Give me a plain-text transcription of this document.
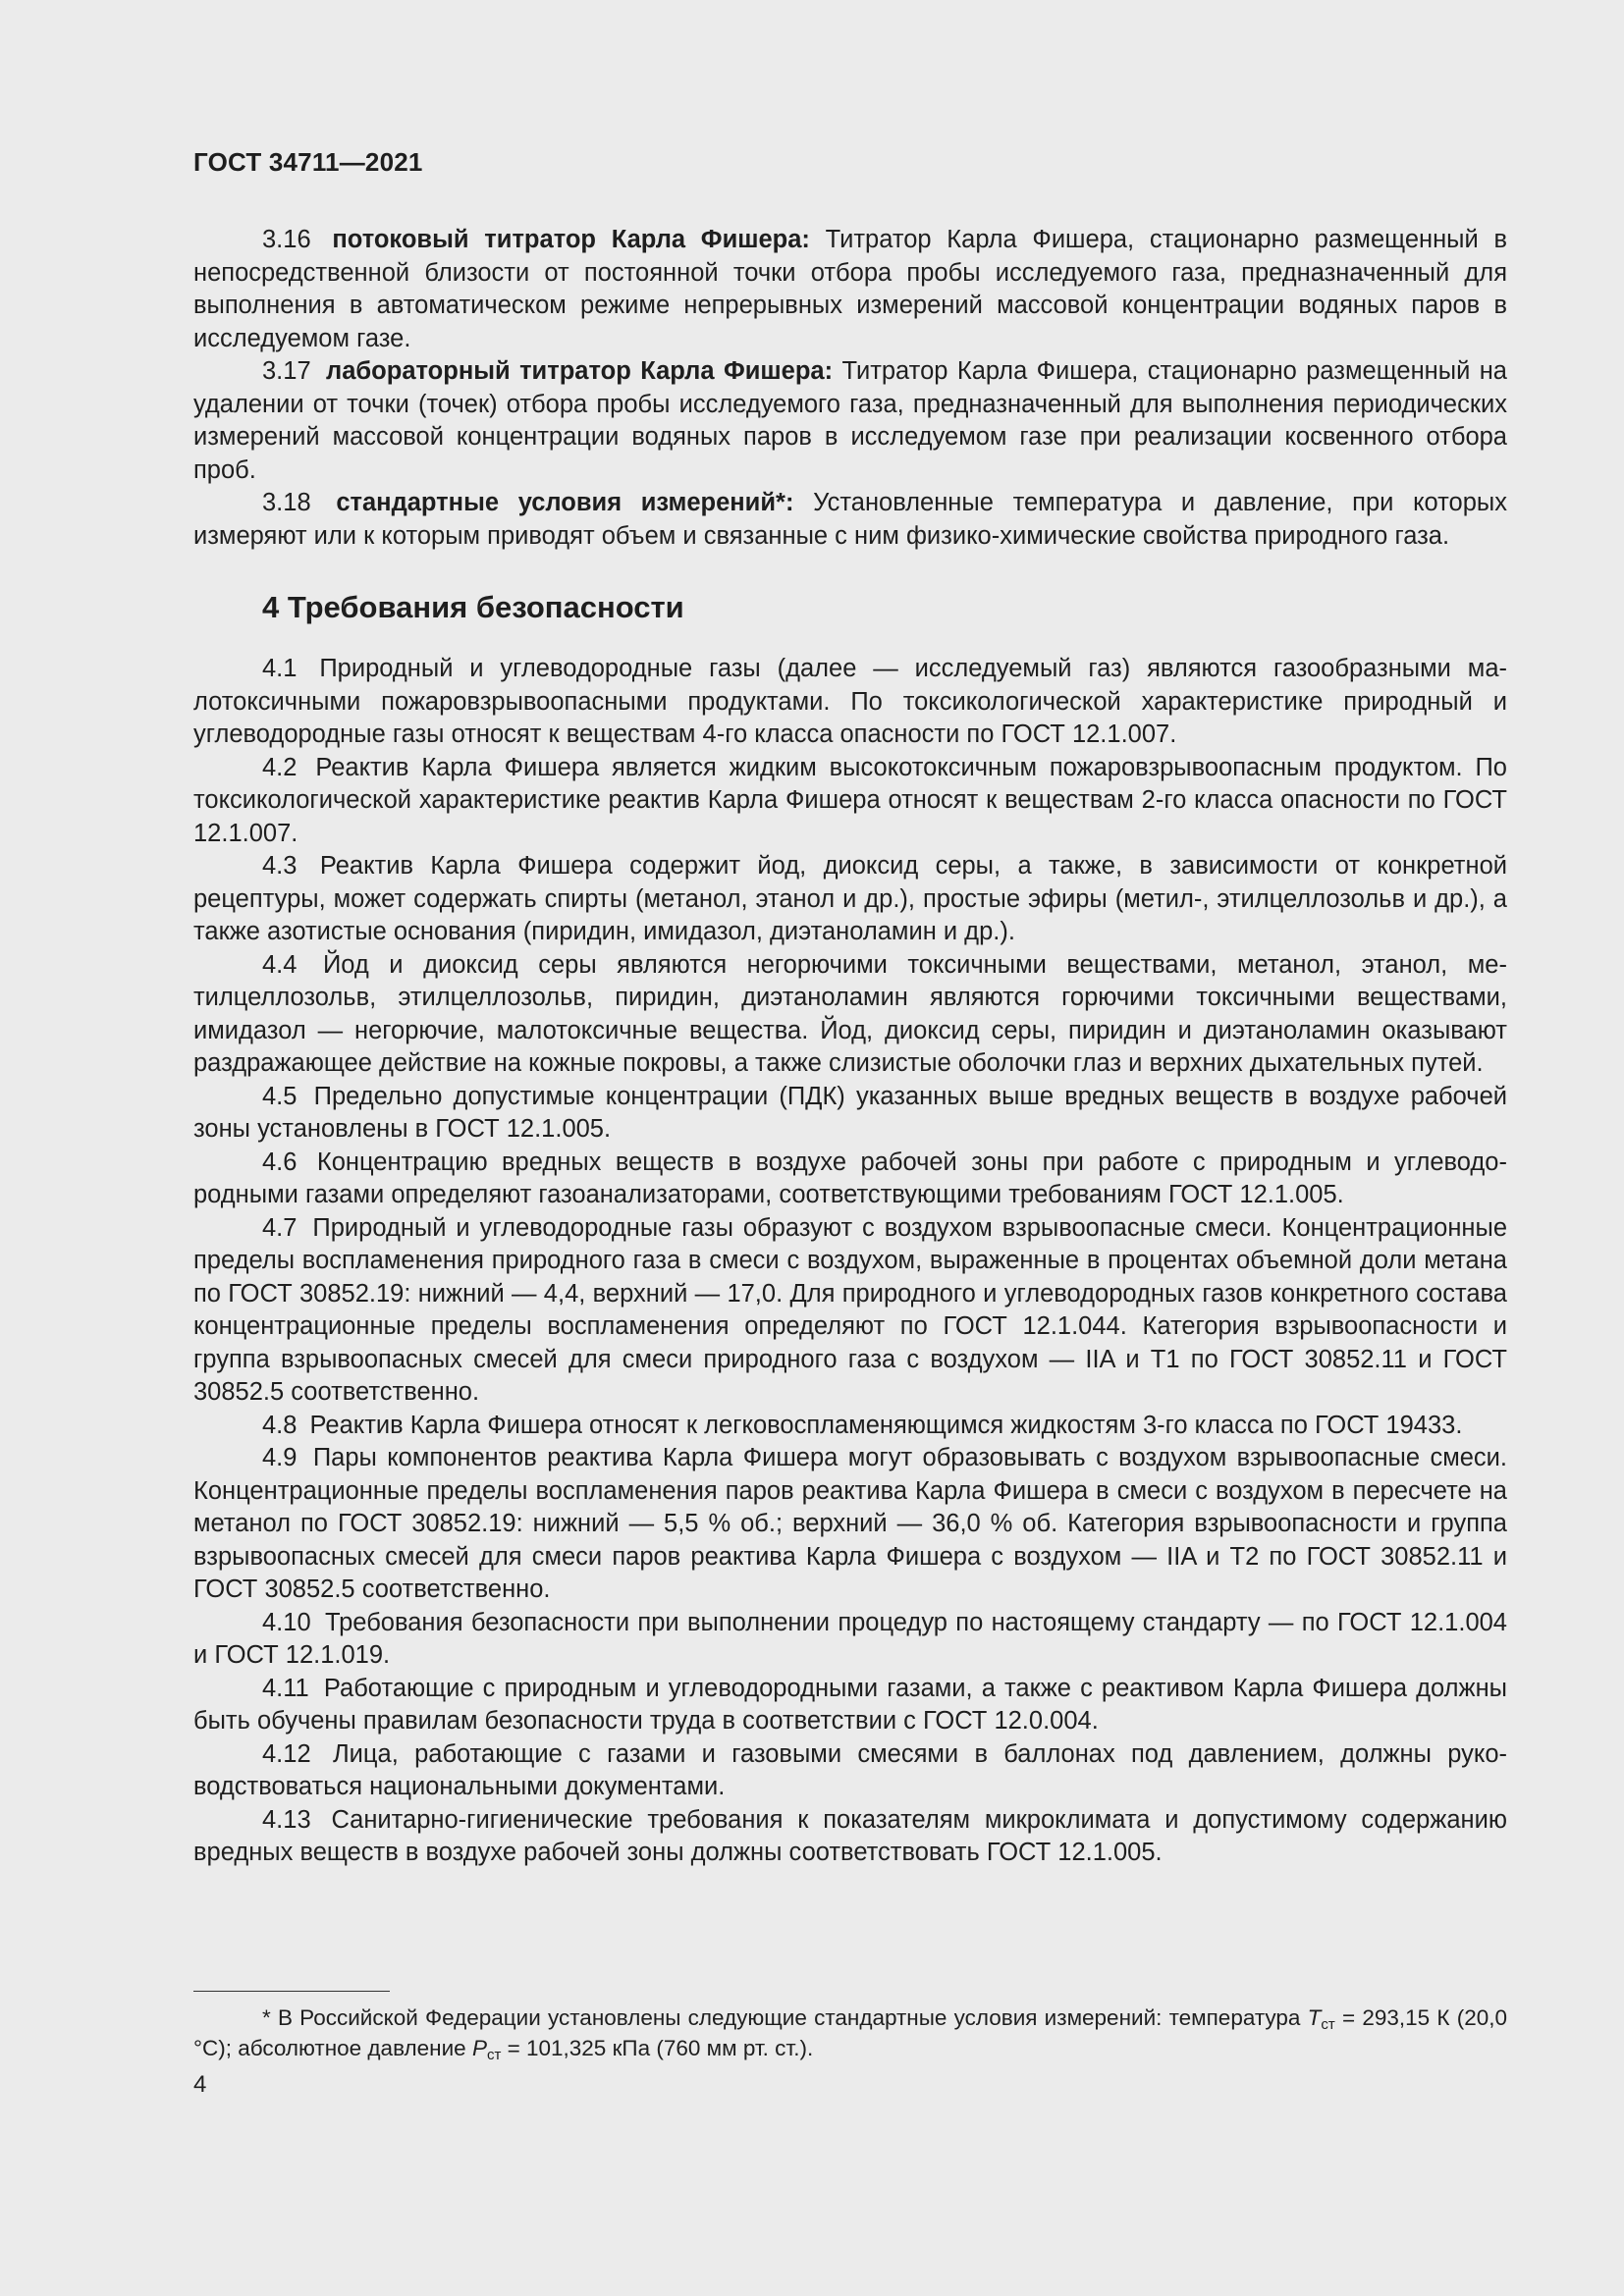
ГОСТ 34711—2021

3.16 потоковый титратор Карла Фишера: Титратор Карла Фишера, стационарно размещенный в непосредственной близости от постоянной точки отбора пробы исследуемого газа, предназначенный для выполнения в автоматическом режиме непрерывных измерений массовой концентрации водяных паров в исследуемом газе.

3.17 лабораторный титратор Карла Фишера: Титратор Карла Фишера, стационарно размещенный на удалении от точки (точек) отбора пробы исследуемого газа, предназначенный для выполнения периодических измерений массовой концентрации водяных паров в исследуемом газе при реализации косвенного отбора проб.

3.18 стандартные условия измерений*: Установленные температура и давление, при которых измеряют или к которым приводят объем и связанные с ним физико-химические свойства природного газа.

4 Требования безопасности

4.1 Природный и углеводородные газы (далее — исследуемый газ) являются газообразными малотоксичными пожаровзрывоопасными продуктами. По токсикологической характеристике природный и углеводородные газы относят к веществам 4-го класса опасности по ГОСТ 12.1.007.

4.2 Реактив Карла Фишера является жидким высокотоксичным пожаровзрывоопасным продуктом. По токсикологической характеристике реактив Карла Фишера относят к веществам 2-го класса опасности по ГОСТ 12.1.007.

4.3 Реактив Карла Фишера содержит йод, диоксид серы, а также, в зависимости от конкретной рецептуры, может содержать спирты (метанол, этанол и др.), простые эфиры (метил-, этилцеллозольв и др.), а также азотистые основания (пиридин, имидазол, диэтаноламин и др.).

4.4 Йод и диоксид серы являются негорючими токсичными веществами, метанол, этанол, метилцеллозольв, этилцеллозольв, пиридин, диэтаноламин являются горючими токсичными веществами, имидазол — негорючие, малотоксичные вещества. Йод, диоксид серы, пиридин и диэтаноламин оказывают раздражающее действие на кожные покровы, а также слизистые оболочки глаз и верхних дыхательных путей.

4.5 Предельно допустимые концентрации (ПДК) указанных выше вредных веществ в воздухе рабочей зоны установлены в ГОСТ 12.1.005.

4.6 Концентрацию вредных веществ в воздухе рабочей зоны при работе с природным и углеводородными газами определяют газоанализаторами, соответствующими требованиям ГОСТ 12.1.005.

4.7 Природный и углеводородные газы образуют с воздухом взрывоопасные смеси. Концентрационные пределы воспламенения природного газа в смеси с воздухом, выраженные в процентах объемной доли метана по ГОСТ 30852.19: нижний — 4,4, верхний — 17,0. Для природного и углеводородных газов конкретного состава концентрационные пределы воспламенения определяют по ГОСТ 12.1.044. Категория взрывоопасности и группа взрывоопасных смесей для смеси природного газа с воздухом — IIA и Т1 по ГОСТ 30852.11 и ГОСТ 30852.5 соответственно.

4.8 Реактив Карла Фишера относят к легковоспламеняющимся жидкостям 3-го класса по ГОСТ 19433.

4.9 Пары компонентов реактива Карла Фишера могут образовывать с воздухом взрывоопасные смеси. Концентрационные пределы воспламенения паров реактива Карла Фишера в смеси с воздухом в пересчете на метанол по ГОСТ 30852.19: нижний — 5,5 % об.; верхний — 36,0 % об. Категория взрывоопасности и группа взрывоопасных смесей для смеси паров реактива Карла Фишера с воздухом — IIA и Т2 по ГОСТ 30852.11 и ГОСТ 30852.5 соответственно.

4.10 Требования безопасности при выполнении процедур по настоящему стандарту — по ГОСТ 12.1.004 и ГОСТ 12.1.019.

4.11 Работающие с природным и углеводородными газами, а также с реактивом Карла Фишера должны быть обучены правилам безопасности труда в соответствии с ГОСТ 12.0.004.

4.12 Лица, работающие с газами и газовыми смесями в баллонах под давлением, должны руководствоваться национальными документами.

4.13 Санитарно-гигиенические требования к показателям микроклимата и допустимому содержанию вредных веществ в воздухе рабочей зоны должны соответствовать ГОСТ 12.1.005.

* В Российской Федерации установлены следующие стандартные условия измерений: температура $T_{ст} = 293,15$ К (20,0 °С); абсолютное давление $P_{ст} = 101,325$ кПа (760 мм рт. ст.).
4
